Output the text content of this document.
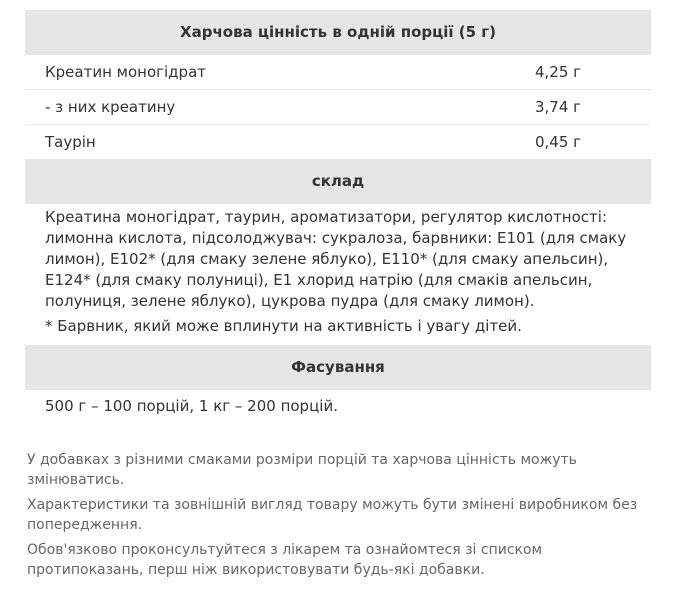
Харчова цінність в одній порції (5 г)
Креатин моногідрат	4,25 г
- з них креатину	3,74 г
Таурін	0,45 г
склад
Креатина моногідрат, таурин, ароматизатори, регулятор кислотності: лимонна кислота, підсолоджувач: сукралоза, барвники: Е101 (для смаку лимон), Е102* (для смаку зелене яблуко), Е110* (для смаку апельсин), Е124* (для смаку полуниці), Е1 хлорид натрію (для смаків апельсин, полуниця, зелене яблуко), цукрова пудра (для смаку лимон).
* Барвник, який може вплинути на активність і увагу дітей.
Фасування
500 г – 100 порцій, 1 кг – 200 порцій.

У добавках з різними смаками розміри порцій та харчова цінність можуть змінюватись.

Характеристики та зовнішній вигляд товару можуть бути змінені виробником без попередження.

Обов'язково проконсультуйтеся з лікарем та ознайомтеся зі списком протипоказань, перш ніж використовувати будь-які добавки.
